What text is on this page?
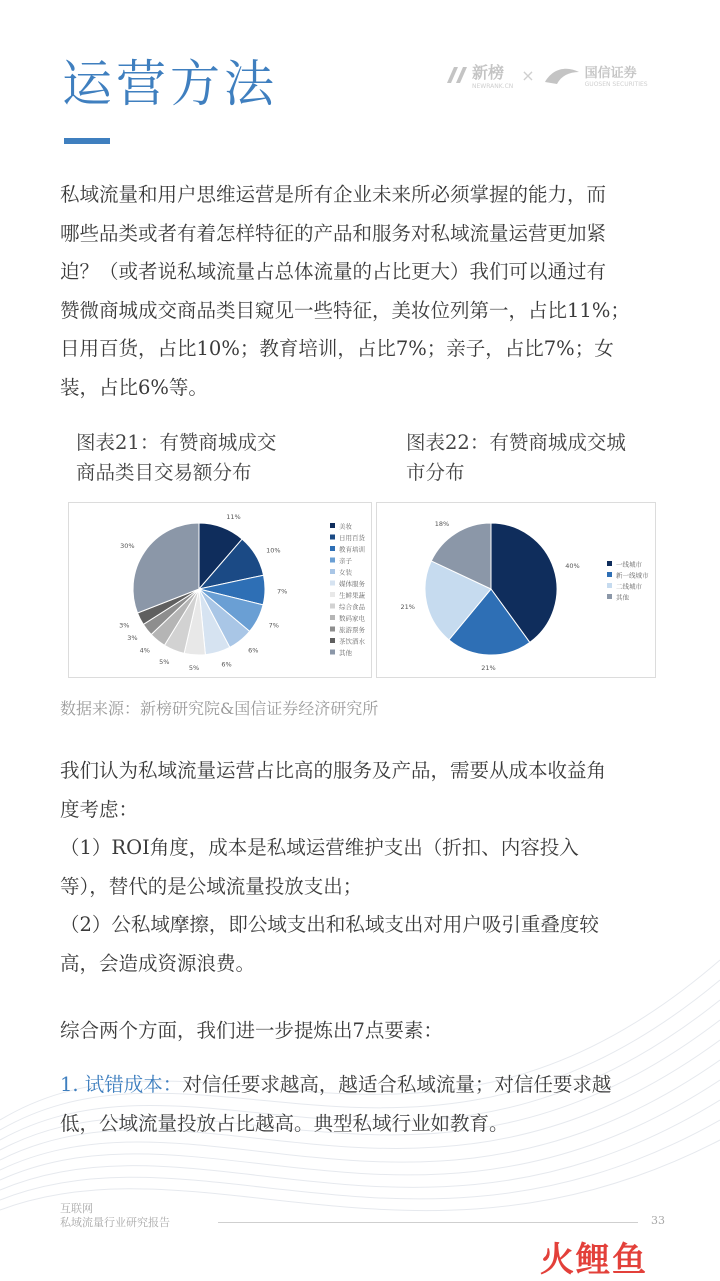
运营方法	新榜
NEWRANK.CN
×	国信证券
GUOSEN SECURITIES
私域流量和用户思维运营是所有企业未来所必须掌握的能力，而
哪些品类或者有着怎样特征的产品和服务对私域流量运营更加紧
迫？（或者说私域流量占总体流量的占比更大）我们可以通过有
赞微商城成交商品类目窥见一些特征，美妆位列第一，占比11%；
日用百货，占比10%；教育培训，占比7%；亲子，占比7%；女
装，占比6%等。
图表21：有赞商城成交
商品类目交易额分布
图表22：有赞商城成交城
市分布
11%
10%
7%
7%
6%
6%
5%
5%
4%
3%
3%
30%
美妆
日用百货
教育培训
亲子
女装
媒体服务
生鲜果蔬
综合食品
数码家电
旅游票务
茶饮酒水
其他
40%
21%
21%
18%
一线城市
新一线城市
二线城市
其他
数据来源：新榜研究院&国信证券经济研究所
我们认为私域流量运营占比高的服务及产品，需要从成本收益角
度考虑：
（1）ROI角度，成本是私域运营维护支出（折扣、内容投入
等），替代的是公域流量投放支出；
（2）公私域摩擦，即公域支出和私域支出对用户吸引重叠度较
高，会造成资源浪费。
综合两个方面，我们进一步提炼出7点要素：
1. 试错成本：对信任要求越高，越适合私域流量；对信任要求越
低，公域流量投放占比越高。典型私域行业如教育。
互联网
私域流量行业研究报告	33
火鲤鱼
